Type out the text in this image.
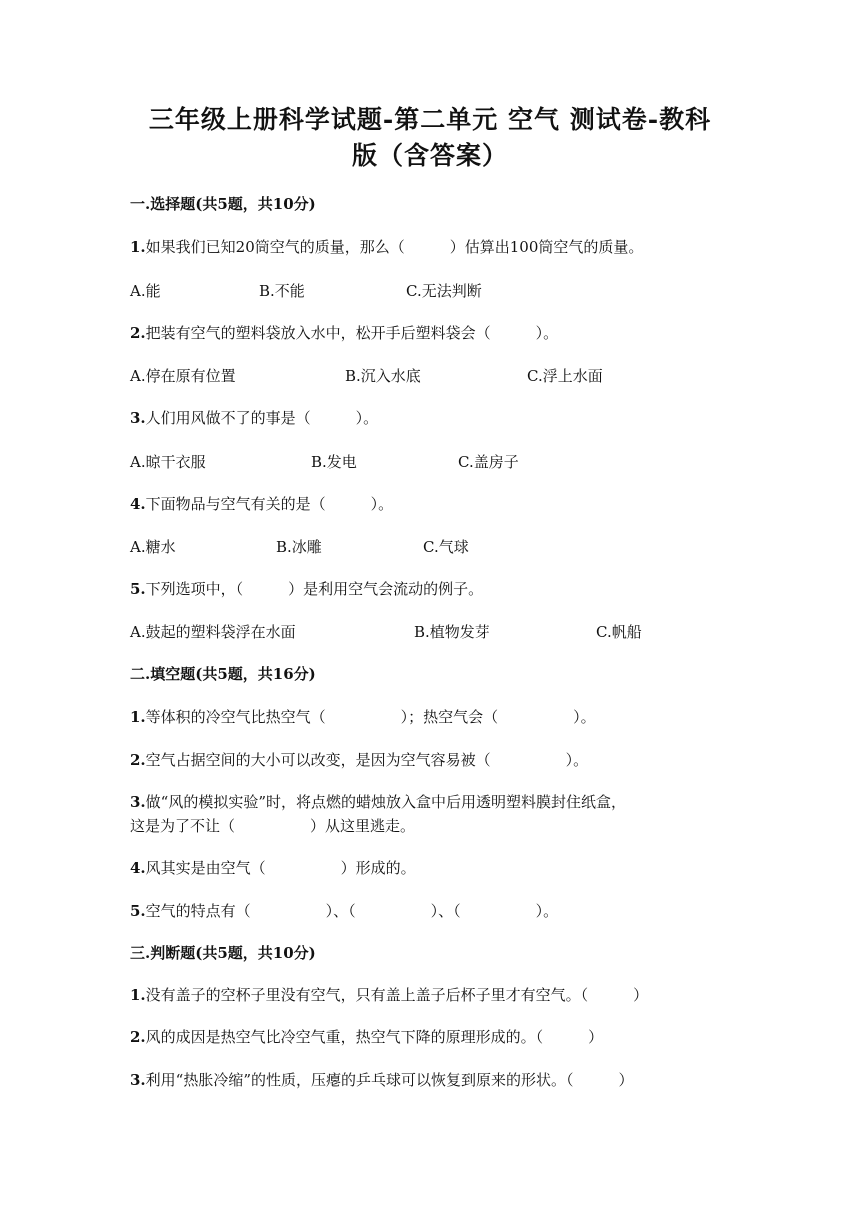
三年级上册科学试题-第二单元 空气 测试卷-教科
版（含答案）
一.选择题(共5题，共10分)
1.如果我们已知20筒空气的质量，那么（　　　）估算出100筒空气的质量。
A.能	B.不能	C.无法判断
2.把装有空气的塑料袋放入水中，松开手后塑料袋会（　　　）。
A.停在原有位置	B.沉入水底	C.浮上水面
3.人们用风做不了的事是（　　　）。
A.晾干衣服	B.发电	C.盖房子
4.下面物品与空气有关的是（　　　）。
A.糖水	B.冰雕	C.气球
5.下列选项中，（　　　）是利用空气会流动的例子。
A.鼓起的塑料袋浮在水面	B.植物发芽	C.帆船
二.填空题(共5题，共16分)
1.等体积的冷空气比热空气（　　　　　）；热空气会（　　　　　）。
2.空气占据空间的大小可以改变，是因为空气容易被（　　　　　）。
3.做“风的模拟实验”时，将点燃的蜡烛放入盒中后用透明塑料膜封住纸盒，
这是为了不让（　　　　　）从这里逃走。
4.风其实是由空气（　　　　　）形成的。
5.空气的特点有（　　　　　）、（　　　　　）、（　　　　　）。
三.判断题(共5题，共10分)
1.没有盖子的空杯子里没有空气，只有盖上盖子后杯子里才有空气。（　　　）
2.风的成因是热空气比冷空气重，热空气下降的原理形成的。（　　　）
3.利用“热胀冷缩”的性质，压瘪的乒乓球可以恢复到原来的形状。（　　　）
